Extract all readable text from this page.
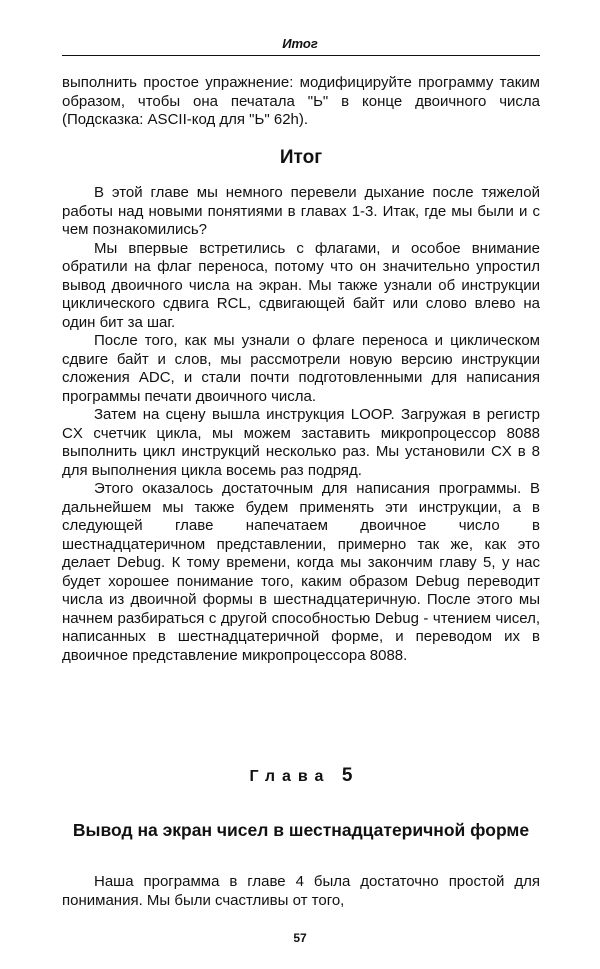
Итог

выполнить простое упражнение: модифицируйте программу таким образом, чтобы она печатала "Ь" в конце двоичного числа (Подсказка: ASCII-код для "Ь" 62h).

Итог

В этой главе мы немного перевели дыхание после тяжелой работы над новыми понятиями в главах 1-3. Итак, где мы были и с чем познакомились?

Мы впервые встретились с флагами, и особое внимание обратили на флаг переноса, потому что он значительно упростил вывод двоичного числа на экран. Мы также узнали об инструкции циклического сдвига RCL, сдвигающей байт или слово влево на один бит за шаг.

После того, как мы узнали о флаге переноса и циклическом сдвиге байт и слов, мы рассмотрели новую версию инструкции сложения ADC, и стали почти подготовленными для написания программы печати двоичного числа.

Затем на сцену вышла инструкция LOOP. Загружая в регистр CX счетчик цикла, мы можем заставить микропроцессор 8088 выполнить цикл инструкций несколько раз. Мы установили CX в 8 для выполнения цикла восемь раз подряд.

Этого оказалось достаточным для написания программы. В дальнейшем мы также будем применять эти инструкции, а в следующей главе напечатаем двоичное число в шестнадцатеричном представлении, примерно так же, как это делает Debug. К тому времени, когда мы закончим главу 5, у нас будет хорошее понимание того, каким образом Debug переводит числа из двоичной формы в шестнадцатеричную. После этого мы начнем разбираться с другой способностью Debug - чтением чисел, написанных в шестнадцатеричной форме, и переводом их в двоичное представление микропроцессора 8088.

Глава 5
Вывод на экран чисел в шестнадцатеричной форме

Наша программа в главе 4 была достаточно простой для понимания. Мы были счастливы от того,

57
